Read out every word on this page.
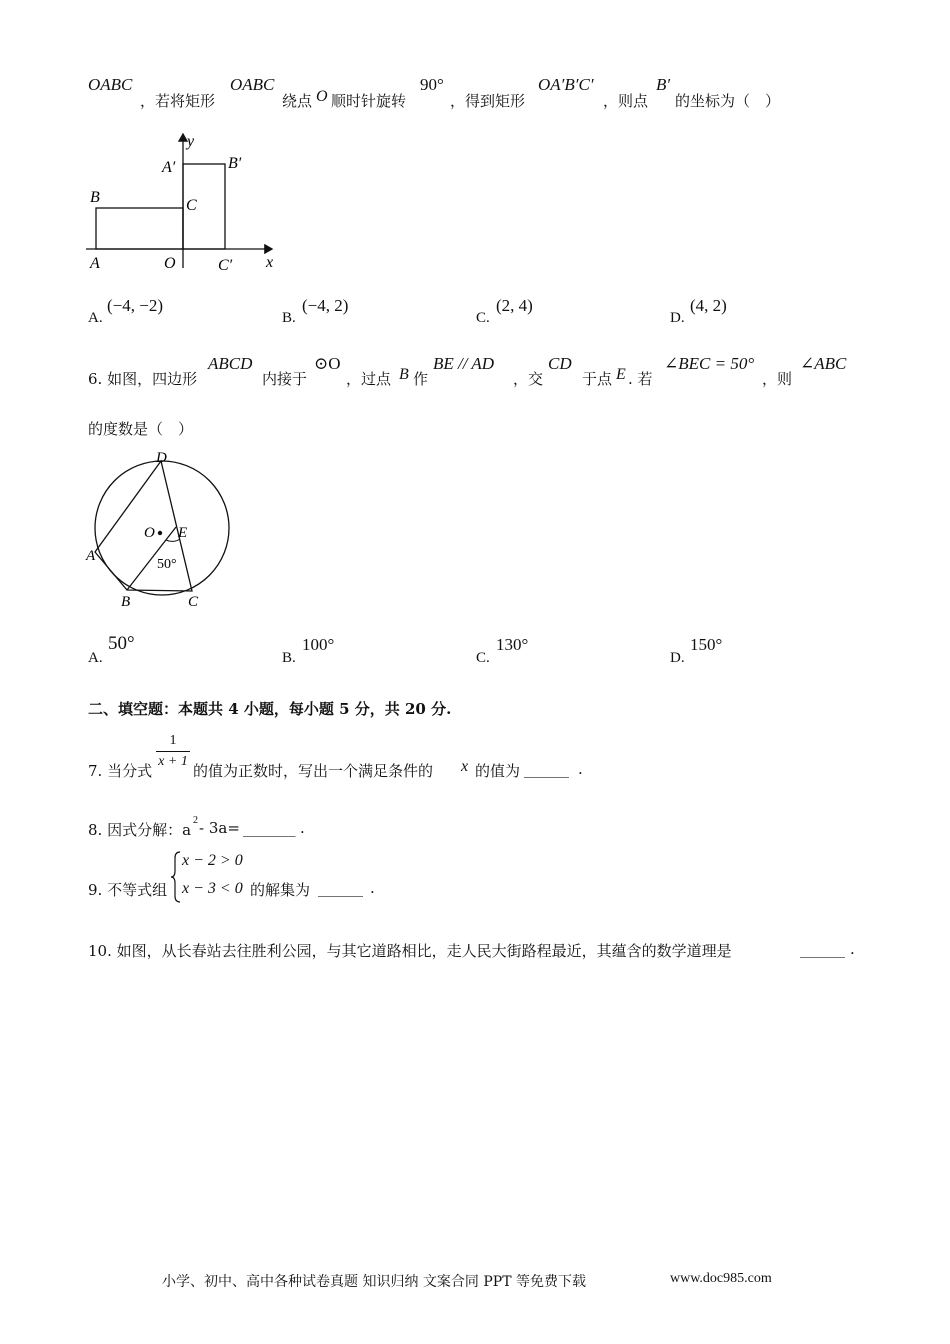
OABC
，若将矩形
OABC
绕点 O 顺时针旋转
90°
，得到矩形
OA′B′C′
，则点
B′
的坐标为（　）
y
x
A′	B′
B	C
A	O	C′
A.
(−4, −2)
B.
(−4, 2)
C.
(2, 4)
D.
(4, 2)
6. 如图，四边形
ABCD
内接于
⊙O
，过点 B 作
BE // AD
，交
CD
于点 E . 若
∠BEC = 50°
，则
∠ABC
的度数是（　）
D
O E
A
50°
B	C
A.
50°
B.
100°
C.
130°
D.
150°
二、填空题：本题共 4 小题，每小题 5 分，共 20 分.
7. 当分式
1
x + 1
的值为正数时，写出一个满足条件的 x 的值为 ______ .
8. 因式分解：a
2 - 3a= _______ .
9. 不等式组
x − 2 > 0
x − 3 < 0 的解集为 ______ .
10. 如图，从长春站去往胜利公园，与其它道路相比，走人民大街路程最近，其蕴含的数学道理是	______ .
小学、初中、高中各种试卷真题 知识归纳 文案合同 PPT 等免费下载	www.doc985.com
